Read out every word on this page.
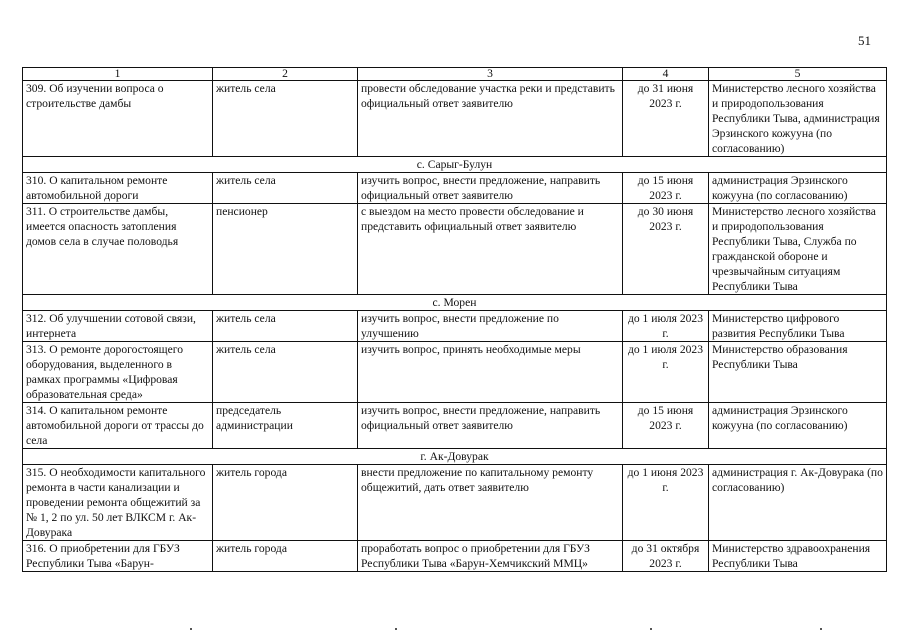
51
1	2	3	4	5
309. Об изучении вопроса о строительстве дамбы	житель села	провести обследование участка реки и представить официальный ответ заявителю	до 31 июня 2023 г.	Министерство лесного хозяйства и природопользования Республики Тыва, администрация Эрзинского кожууна (по согласованию)
с. Сарыг-Булун				
310. О капитальном ремонте автомобильной дороги	житель села	изучить вопрос, внести предложение, направить официальный ответ заявителю	до 15 июня 2023 г.	администрация Эрзинского кожууна (по согласованию)
311. О строительстве дамбы, имеется опасность затопления домов села в случае половодья	пенсионер	с выездом на место провести обследование и представить официальный ответ заявителю	до 30 июня 2023 г.	Министерство лесного хозяйства и природопользования Республики Тыва, Служба по гражданской обороне и чрезвычайным ситуациям Республики Тыва
с. Морен				
312. Об улучшении сотовой связи, интернета	житель села	изучить вопрос, внести предложение по улучшению	до 1 июля 2023 г.	Министерство цифрового развития Республики Тыва
313. О ремонте дорогостоящего оборудования, выделенного в рамках программы «Цифровая образовательная среда»	житель села	изучить вопрос, принять необходимые меры	до 1 июля 2023 г.	Министерство образования Республики Тыва
314. О капитальном ремонте автомобильной дороги от трассы до села	председатель администрации	изучить вопрос, внести предложение, направить официальный ответ заявителю	до 15 июня 2023 г.	администрация Эрзинского кожууна (по согласованию)
г. Ак-Довурак				
315. О необходимости капитального ремонта в части канализации и проведении ремонта общежитий за № 1, 2 по ул. 50 лет ВЛКСМ г. Ак-Довурака	житель города	внести предложение по капитальному ремонту общежитий, дать ответ заявителю	до 1 июня 2023 г.	администрация г. Ак-Довурака (по согласованию)
316. О приобретении для ГБУЗ Республики Тыва «Барун-	житель города	проработать вопрос о приобретении для ГБУЗ Республики Тыва «Барун-Хемчикский ММЦ»	до 31 октября 2023 г.	Министерство здравоохранения Республики Тыва
